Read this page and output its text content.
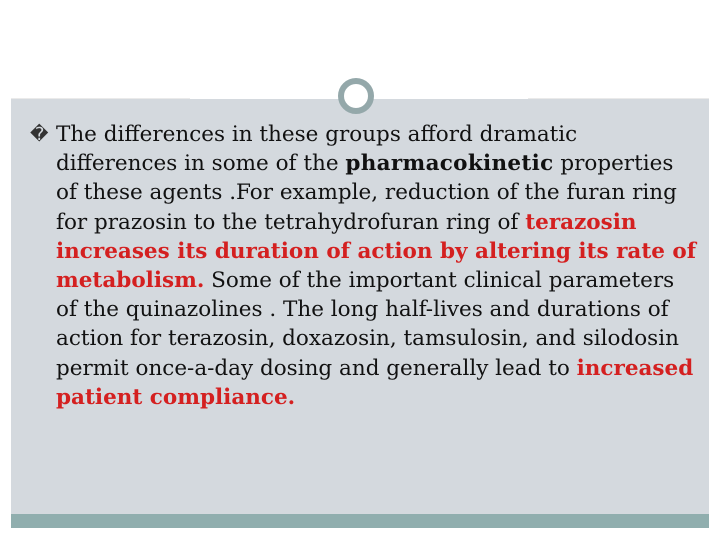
� The differences in these groups afford dramatic differences in some of the pharmacokinetic properties of these agents .For example, reduction of the furan ring for prazosin to the tetrahydrofuran ring of terazosin increases its duration of action by altering its rate of metabolism. Some of the important clinical parameters of the quinazolines . The long half-lives and durations of action for terazosin, doxazosin, tamsulosin, and silodosin permit once-a-day dosing and generally lead to increased patient compliance.
